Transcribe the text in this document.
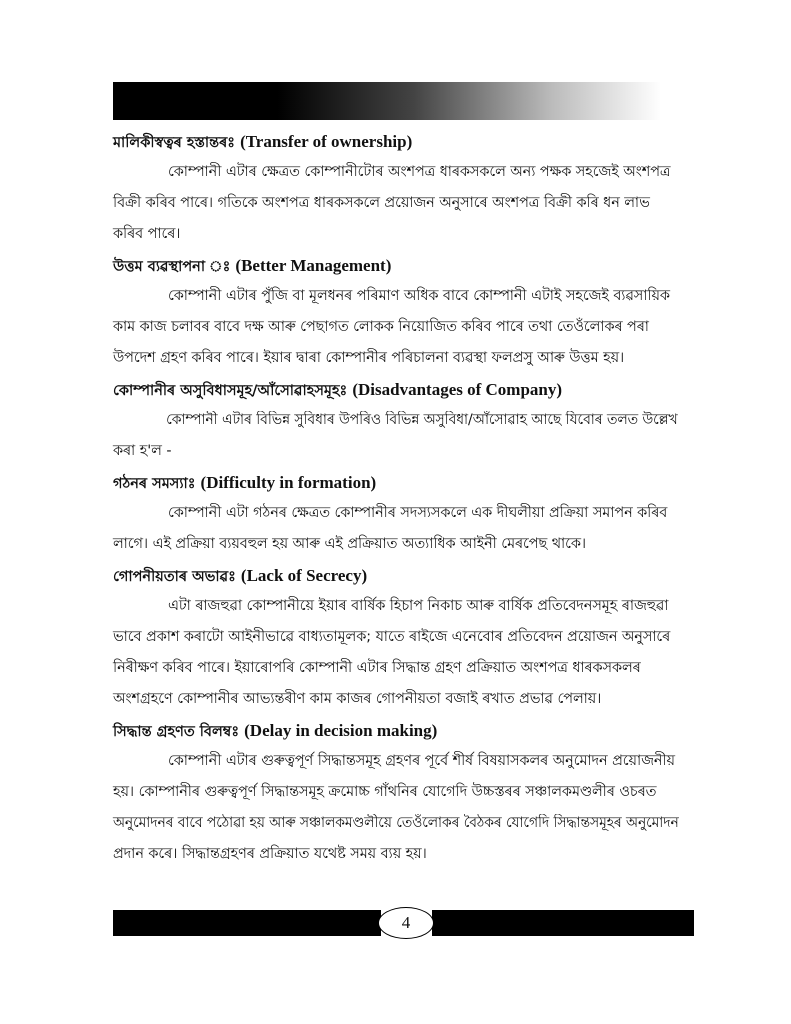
মালিকীস্বত্বৰ হস্তান্তৰঃ (Transfer of ownership)
কোম্পানী এটাৰ ক্ষেত্ৰত কোম্পানীটোৰ অংশপত্ৰ ধাৰকসকলে অন্য পক্ষক সহজেই অংশপত্ৰ
বিক্ৰী কৰিব পাৰে। গতিকে অংশপত্ৰ ধাৰকসকলে প্ৰয়োজন অনুসাৰে অংশপত্ৰ বিক্ৰী কৰি ধন লাভ
কৰিব পাৰে।
উত্তম ব্যৱস্থাপনা ঃ (Better Management)
কোম্পানী এটাৰ পুঁজি বা মূলধনৰ পৰিমাণ অধিক বাবে কোম্পানী এটাই সহজেই ব্যৱসায়িক
কাম কাজ চলাবৰ বাবে দক্ষ আৰু পেছাগত লোকক নিয়োজিত কৰিব পাৰে তথা তেওঁলোকৰ পৰা
উপদেশ গ্ৰহণ কৰিব পাৰে। ইয়াৰ দ্বাৰা কোম্পানীৰ পৰিচালনা ব্যৱস্থা ফলপ্ৰসু আৰু উত্তম হয়।
কোম্পানীৰ অসুবিধাসমূহ/আঁসোৱাহসমূহঃ (Disadvantages of Company)
কোম্পানী এটাৰ বিভিন্ন সুবিধাৰ উপৰিও বিভিন্ন অসুবিধা/আঁসোৱাহ আছে যিবোৰ তলত উল্লেখ
কৰা হ'ল -
গঠনৰ সমস্যাঃ (Difficulty in formation)
কোম্পানী এটা গঠনৰ ক্ষেত্ৰত কোম্পানীৰ সদস্যসকলে এক দীঘলীয়া প্ৰক্ৰিয়া সমাপন কৰিব
লাগে। এই প্ৰক্ৰিয়া ব্যয়বহুল হয় আৰু এই প্ৰক্ৰিয়াত অত্যাধিক আইনী মেৰপেছ থাকে।
গোপনীয়তাৰ অভাৱঃ (Lack of Secrecy)
এটা ৰাজহুৱা কোম্পানীয়ে ইয়াৰ বাৰ্ষিক হিচাপ নিকাচ আৰু বাৰ্ষিক প্ৰতিবেদনসমূহ ৰাজহুৱা
ভাবে প্ৰকাশ কৰাটো আইনীভাৱে বাধ্যতামূলক; যাতে ৰাইজে এনেবোৰ প্ৰতিবেদন প্ৰয়োজন অনুসাৰে
নিৰীক্ষণ কৰিব পাৰে। ইয়াৰোপৰি কোম্পানী এটাৰ সিদ্ধান্ত গ্ৰহণ প্ৰক্ৰিয়াত অংশপত্ৰ ধাৰকসকলৰ
অংশগ্ৰহণে কোম্পানীৰ আভ্যন্তৰীণ কাম কাজৰ গোপনীয়তা বজাই ৰখাত প্ৰভাৱ পেলায়।
সিদ্ধান্ত গ্ৰহণত বিলম্বঃ (Delay in decision making)
কোম্পানী এটাৰ গুৰুত্বপূৰ্ণ সিদ্ধান্তসমূহ গ্ৰহণৰ পূৰ্বে শীৰ্ষ বিষয়াসকলৰ অনুমোদন প্ৰয়োজনীয়
হয়। কোম্পানীৰ গুৰুত্বপূৰ্ণ সিদ্ধান্তসমূহ ক্ৰমোচ্চ গাঁথনিৰ যোগেদি উচ্চস্তৰৰ সঞ্চালকমণ্ডলীৰ ওচৰত
অনুমোদনৰ বাবে পঠোৱা হয় আৰু সঞ্চালকমণ্ডলীয়ে তেওঁলোকৰ বৈঠকৰ যোগেদি সিদ্ধান্তসমূহৰ অনুমোদন
প্ৰদান কৰে। সিদ্ধান্তগ্ৰহণৰ প্ৰক্ৰিয়াত যথেষ্ট সময় ব্যয় হয়।
4
